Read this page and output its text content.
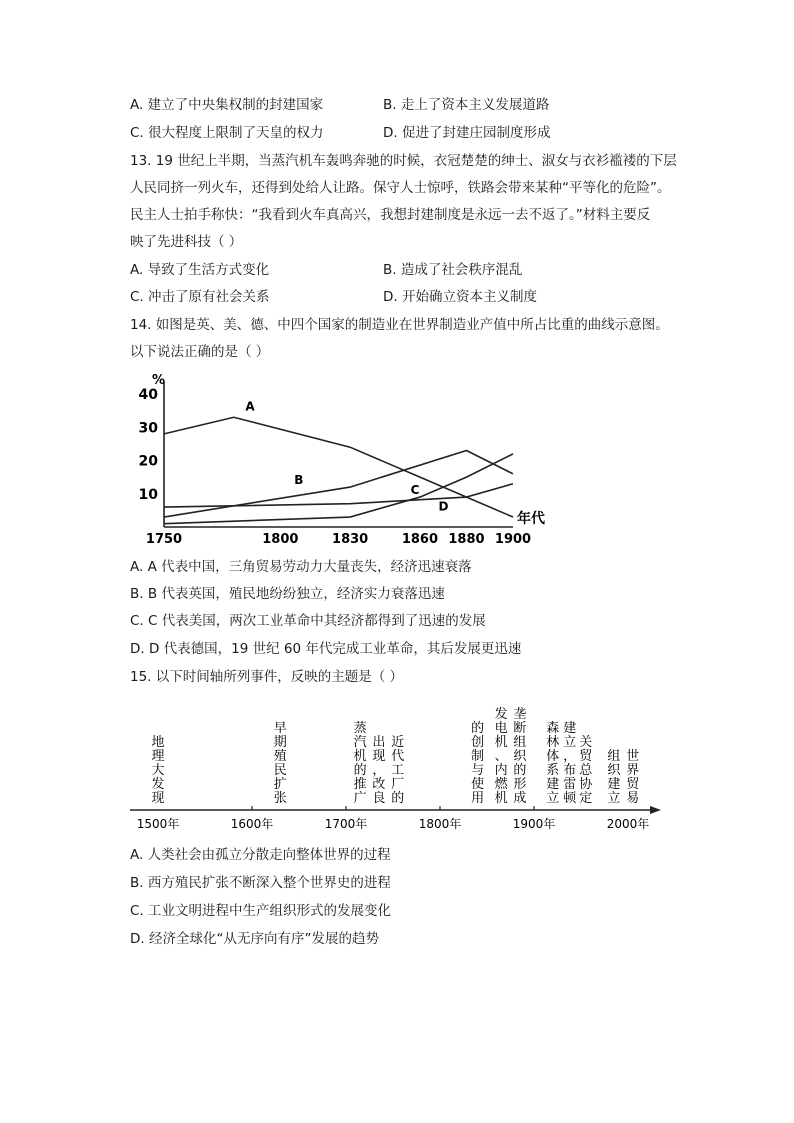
A. 建立了中央集权制的封建国家	B. 走上了资本主义发展道路
C. 很大程度上限制了天皇的权力	D. 促进了封建庄园制度形成
13. 19 世纪上半期，当蒸汽机车轰鸣奔驰的时候，衣冠楚楚的绅士、淑女与衣衫褴褛的下层
人民同挤一列火车，还得到处给人让路。保守人士惊呼，铁路会带来某种“平等化的危险”。
民主人士拍手称快：“我看到火车真高兴，我想封建制度是永远一去不返了。”材料主要反
映了先进科技（ ）
A. 导致了生活方式变化	B. 造成了社会秩序混乱
C. 冲击了原有社会关系	D. 开始确立资本主义制度
14. 如图是英、美、德、中四个国家的制造业在世界制造业产值中所占比重的曲线示意图。
以下说法正确的是（ ）
%
10
20
30
40
1750	1800	1830	1860 1880 1900
年代
A
B
C
D
A. A 代表中国，三角贸易劳动力大量丧失，经济迅速衰落
B. B 代表英国，殖民地纷纷独立，经济实力衰落迅速
C. C 代表美国，两次工业革命中其经济都得到了迅速的发展
D. D 代表德国，19 世纪 60 年代完成工业革命，其后发展更迅速
15. 以下时间轴所列事件，反映的主题是（ ）
地理大发现
早期殖民扩张
蒸汽机的推广
出现，改良
近代工厂的
的创制与使用
发电机、内燃机
垄断组织的形成
森林体系建立
建立，布雷顿
关贸总协定
组织建立
世界贸易
1500年	1600年	1700年	1800年	1900年	2000年
A. 人类社会由孤立分散走向整体世界的过程
B. 西方殖民扩张不断深入整个世界史的进程
C. 工业文明进程中生产组织形式的发展变化
D. 经济全球化“从无序向有序”发展的趋势
